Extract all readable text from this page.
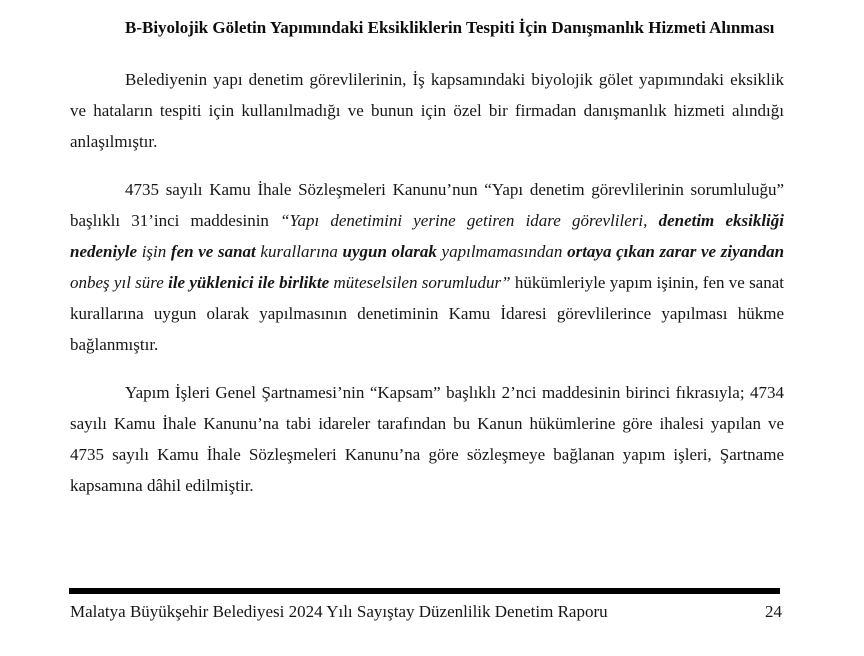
B-Biyolojik Göletin Yapımındaki Eksikliklerin Tespiti İçin Danışmanlık Hizmeti Alınması

Belediyenin yapı denetim görevlilerinin, İş kapsamındaki biyolojik gölet yapımındaki eksiklik ve hataların tespiti için kullanılmadığı ve bunun için özel bir firmadan danışmanlık hizmeti alındığı anlaşılmıştır.

4735 sayılı Kamu İhale Sözleşmeleri Kanunu’nun “Yapı denetim görevlilerinin sorumluluğu” başlıklı 31’inci maddesinin “Yapı denetimini yerine getiren idare görevlileri, denetim eksikliği nedeniyle işin fen ve sanat kurallarına uygun olarak yapılmamasından ortaya çıkan zarar ve ziyandan onbeş yıl süre ile yüklenici ile birlikte müteselsilen sorumludur” hükümleriyle yapım işinin, fen ve sanat kurallarına uygun olarak yapılmasının denetiminin Kamu İdaresi görevlilerince yapılması hükme bağlanmıştır.

Yapım İşleri Genel Şartnamesi’nin “Kapsam” başlıklı 2’nci maddesinin birinci fıkrasıyla; 4734 sayılı Kamu İhale Kanunu’na tabi idareler tarafından bu Kanun hükümlerine göre ihalesi yapılan ve 4735 sayılı Kamu İhale Sözleşmeleri Kanunu’na göre sözleşmeye bağlanan yapım işleri, Şartname kapsamına dâhil edilmiştir.

Malatya Büyükşehir Belediyesi 2024 Yılı Sayıştay Düzenlilik Denetim Raporu	24
